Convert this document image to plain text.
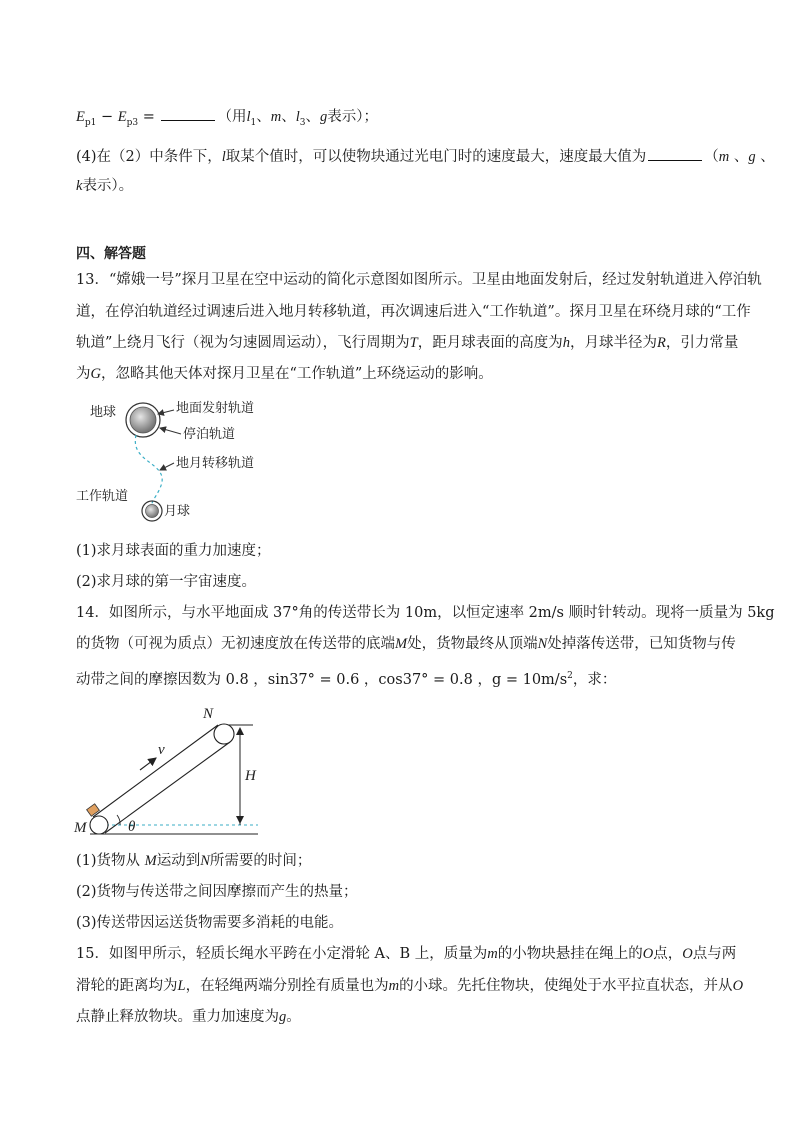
$E_{p1} - E_{p3}$ =	（用$l_1$、m、$l_3$、g表示）；
(4)在（2）中条件下，l取某个值时，可以使物块通过光电门时的速度最大，速度最大值为	（m 、g 、
k表示）。
四、解答题
13．“嫦娥一号”探月卫星在空中运动的简化示意图如图所示。卫星由地面发射后，经过发射轨道进入停泊轨
道，在停泊轨道经过调速后进入地月转移轨道，再次调速后进入“工作轨道”。探月卫星在环绕月球的“工作
轨道”上绕月飞行（视为匀速圆周运动），飞行周期为T，距月球表面的高度为h，月球半径为R，引力常量
为G，忽略其他天体对探月卫星在“工作轨道”上环绕运动的影响。
地球	地面发射轨道
停泊轨道
地月转移轨道
工作轨道
月球
(1)求月球表面的重力加速度；
(2)求月球的第一宇宙速度。
14．如图所示，与水平地面成 37°角的传送带长为 10m，以恒定速率 2m/s 顺时针转动。现将一质量为 5kg
的货物（可视为质点）无初速度放在传送带的底端M处，货物最终从顶端N处掉落传送带，已知货物与传
动带之间的摩擦因数为 0.8 ，sin37° = 0.6 ，cos37° = 0.8 ，$g = 10m/s^2$，求：
N
v
H
M	θ
(1)货物从 M运动到N所需要的时间；
(2)货物与传送带之间因摩擦而产生的热量；
(3)传送带因运送货物需要多消耗的电能。
15．如图甲所示，轻质长绳水平跨在小定滑轮 A、B 上，质量为m的小物块悬挂在绳上的O点，O点与两
滑轮的距离均为L，在轻绳两端分别拴有质量也为m的小球。先托住物块，使绳处于水平拉直状态，并从O
点静止释放物块。重力加速度为g。
